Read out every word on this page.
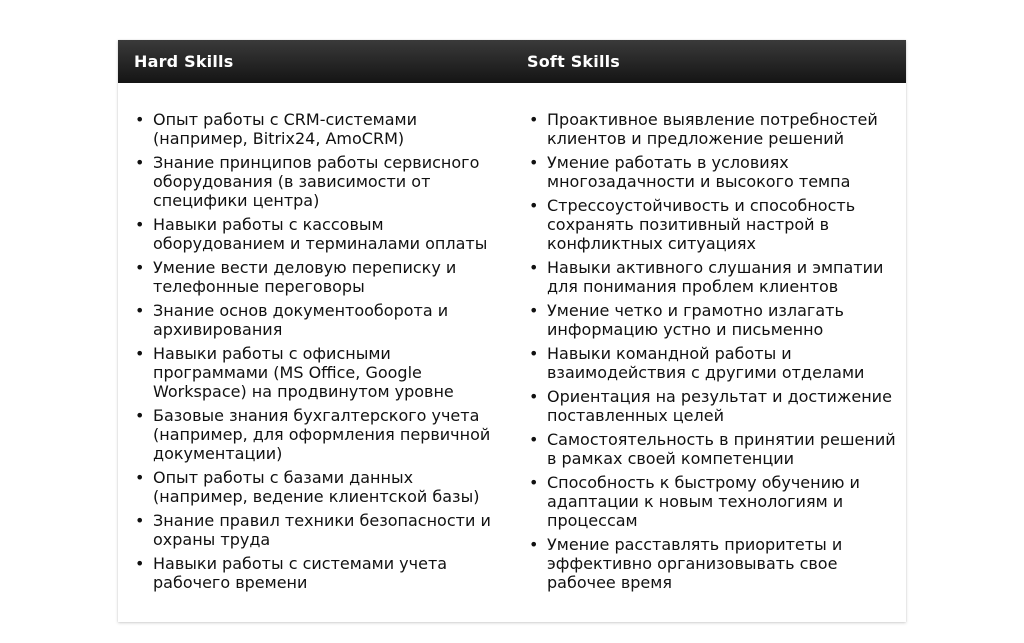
Hard Skills	Soft Skills
• Опыт работы с CRM-системами (например, Bitrix24, AmoCRM)
• Знание принципов работы сервисного оборудования (в зависимости от специфики центра)
• Навыки работы с кассовым оборудованием и терминалами оплаты
• Умение вести деловую переписку и телефонные переговоры
• Знание основ документооборота и архивирования
• Навыки работы с офисными программами (MS Office, Google Workspace) на продвинутом уровне
• Базовые знания бухгалтерского учета (например, для оформления первичной документации)
• Опыт работы с базами данных (например, ведение клиентской базы)
• Знание правил техники безопасности и охраны труда
• Навыки работы с системами учета рабочего времени
• Проактивное выявление потребностей клиентов и предложение решений
• Умение работать в условиях многозадачности и высокого темпа
• Стрессоустойчивость и способность сохранять позитивный настрой в конфликтных ситуациях
• Навыки активного слушания и эмпатии для понимания проблем клиентов
• Умение четко и грамотно излагать информацию устно и письменно
• Навыки командной работы и взаимодействия с другими отделами
• Ориентация на результат и достижение поставленных целей
• Самостоятельность в принятии решений в рамках своей компетенции
• Способность к быстрому обучению и адаптации к новым технологиям и процессам
• Умение расставлять приоритеты и эффективно организовывать свое рабочее время
